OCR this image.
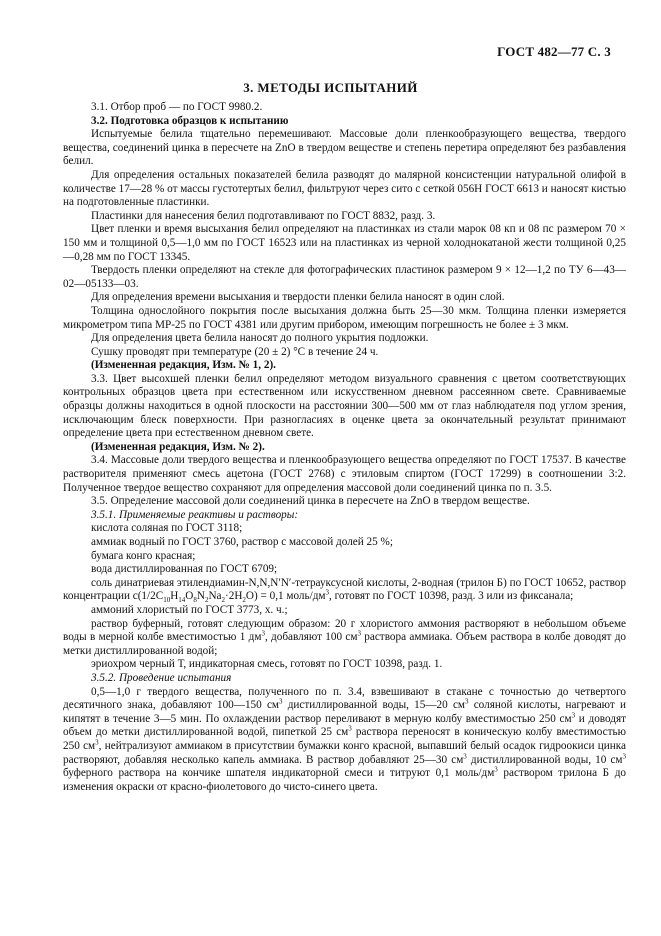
ГОСТ 482—77 С. 3
3. МЕТОДЫ ИСПЫТАНИЙ

3.1. Отбор проб — по ГОСТ 9980.2.

3.2. Подготовка образцов к испытанию

Испытуемые белила тщательно перемешивают. Массовые доли пленкообразующего вещества, твердого вещества, соединений цинка в пересчете на ZnO в твердом веществе и степень перетира определяют без разбавления белил.

Для определения остальных показателей белила разводят до малярной консистенции натуральной олифой в количестве 17—28 % от массы густотертых белил, фильтруют через сито с сеткой 056Н ГОСТ 6613 и наносят кистью на подготовленные пластинки.

Пластинки для нанесения белил подготавливают по ГОСТ 8832, разд. 3.

Цвет пленки и время высыхания белил определяют на пластинках из стали марок 08 кп и 08 пс размером 70 × 150 мм и толщиной 0,5—1,0 мм по ГОСТ 16523 или на пластинках из черной холоднокатаной жести толщиной 0,25—0,28 мм по ГОСТ 13345.

Твердость пленки определяют на стекле для фотографических пластинок размером 9 × 12—1,2 по ТУ 6—43—02—05133—03.

Для определения времени высыхания и твердости пленки белила наносят в один слой.

Толщина однослойного покрытия после высыхания должна быть 25—30 мкм. Толщина пленки измеряется микрометром типа МР-25 по ГОСТ 4381 или другим прибором, имеющим погрешность не более ± 3 мкм.

Для определения цвета белила наносят до полного укрытия подложки.

Сушку проводят при температуре (20 ± 2) °С в течение 24 ч.

(Измененная редакция, Изм. № 1, 2).

3.3. Цвет высохшей пленки белил определяют методом визуального сравнения с цветом соответствующих контрольных образцов цвета при естественном или искусственном дневном рассеянном свете. Сравниваемые образцы должны находиться в одной плоскости на расстоянии 300—500 мм от глаз наблюдателя под углом зрения, исключающим блеск поверхности. При разногласиях в оценке цвета за окончательный результат принимают определение цвета при естественном дневном свете.

(Измененная редакция, Изм. № 2).

3.4. Массовые доли твердого вещества и пленкообразующего вещества определяют по ГОСТ 17537. В качестве растворителя применяют смесь ацетона (ГОСТ 2768) с этиловым спиртом (ГОСТ 17299) в соотношении 3:2. Полученное твердое вещество сохраняют для определения массовой доли соединений цинка по п. 3.5.

3.5. Определение массовой доли соединений цинка в пересчете на ZnO в твердом веществе.

3.5.1. Применяемые реактивы и растворы:

кислота соляная по ГОСТ 3118;

аммиак водный по ГОСТ 3760, раствор с массовой долей 25 %;

бумага конго красная;

вода дистиллированная по ГОСТ 6709;

соль динатриевая этилендиамин-N,N,N′N′-тетрауксусной кислоты, 2-водная (трилон Б) по ГОСТ 10652, раствор концентрации $c(1/2C_{10}H_{14}O_8N_2Na_2\cdot 2H_2O) = 0,1$ моль/$дм^3$, готовят по ГОСТ 10398, разд. 3 или из фиксанала;

аммоний хлористый по ГОСТ 3773, х. ч.;

раствор буферный, готовят следующим образом: 20 г хлористого аммония растворяют в небольшом объеме воды в мерной колбе вместимостью 1 $дм^3$, добавляют 100 $см^3$ раствора аммиака. Объем раствора в колбе доводят до метки дистиллированной водой;

эриохром черный Т, индикаторная смесь, готовят по ГОСТ 10398, разд. 1.

3.5.2. Проведение испытания

0,5—1,0 г твердого вещества, полученного по п. 3.4, взвешивают в стакане с точностью до четвертого десятичного знака, добавляют 100—150 $см^3$ дистиллированной воды, 15—20 $см^3$ соляной кислоты, нагревают и кипятят в течение 3—5 мин. По охлаждении раствор переливают в мерную колбу вместимостью 250 $см^3$ и доводят объем до метки дистиллированной водой, пипеткой 25 $см^3$ раствора переносят в коническую колбу вместимостью 250 $см^3$, нейтрализуют аммиаком в присутствии бумажки конго красной, выпавший белый осадок гидроокиси цинка растворяют, добавляя несколько капель аммиака. В раствор добавляют 25—30 $см^3$ дистиллированной воды, 10 $см^3$ буферного раствора на кончике шпателя индикаторной смеси и титруют 0,1 моль/$дм^3$ раствором трилона Б до изменения окраски от красно-фиолетового до чисто-синего цвета.
